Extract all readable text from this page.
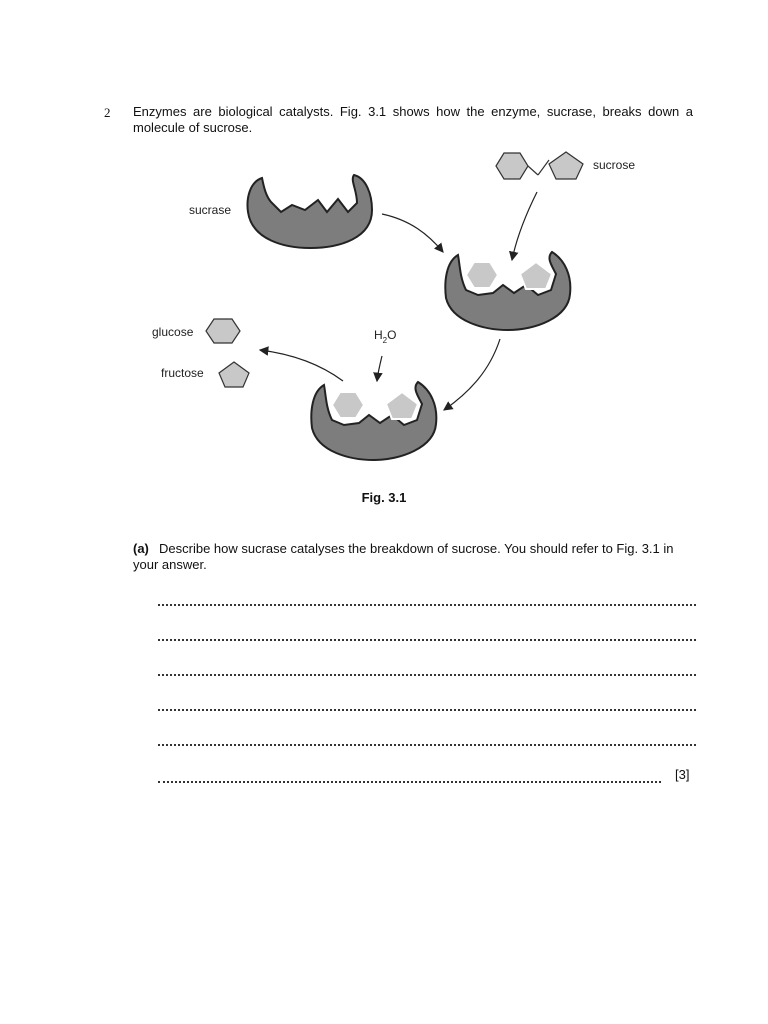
2 Enzymes are biological catalysts. Fig. 3.1 shows how the enzyme, sucrase, breaks down a molecule of sucrose.
sucrase
sucrose
glucose
fructose
$H_2O$
Fig. 3.1
(a) Describe how sucrase catalyses the breakdown of sucrose. You should refer to Fig. 3.1 in your answer.
[3]
